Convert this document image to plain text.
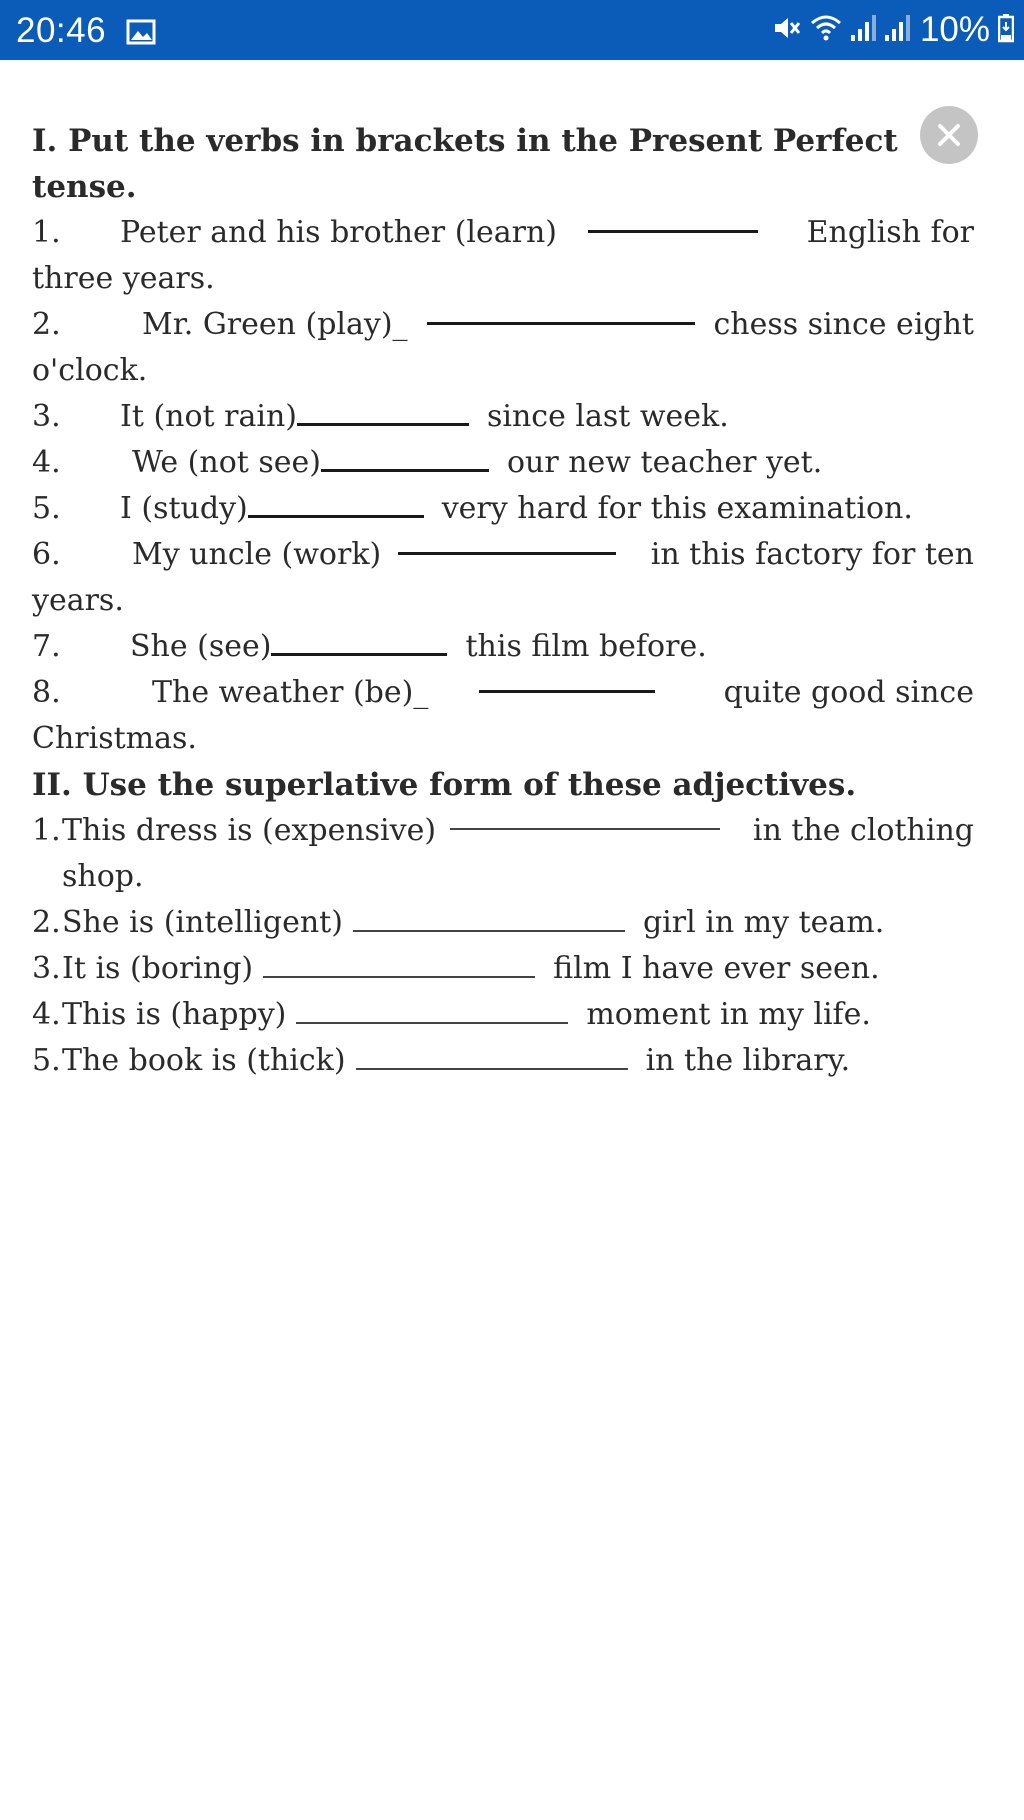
20:46	10%

I. Put the verbs in brackets in the Present Perfect tense.

1.	Peter and his brother (learn)	English for
three years.
2.	Mr. Green (play)_	chess since eight
o'clock.
3.	It (not rain)	since last week.
4.	We (not see)	our new teacher yet.
5.	I (study)	very hard for this examination.
6.	My uncle (work)	in this factory for ten
years.
7.	She (see)	this film before.
8.	The weather (be)_	quite good since
Christmas.

II. Use the superlative form of these adjectives.

1. This dress is (expensive)	in the clothing
shop.
2. She is (intelligent)	girl in my team.
3. It is (boring)	film I have ever seen.
4. This is (happy)	moment in my life.
5. The book is (thick)	in the library.
